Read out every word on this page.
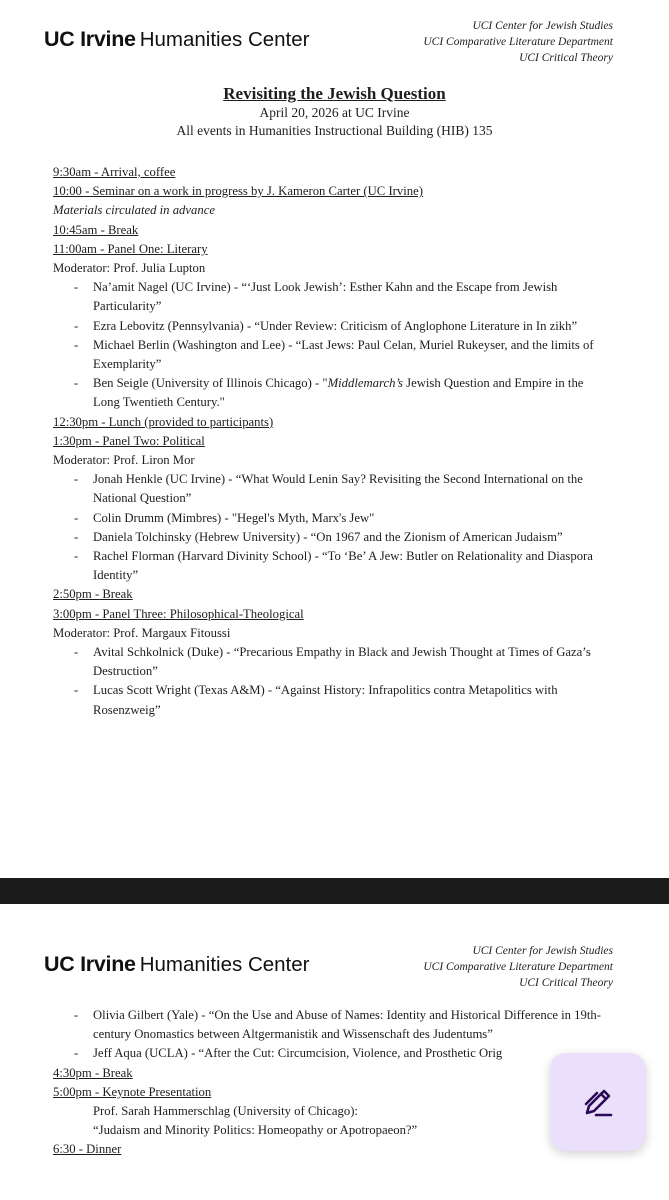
UC Irvine Humanities Center
UCI Center for Jewish Studies
UCI Comparative Literature Department
UCI Critical Theory
Revisiting the Jewish Question
April 20, 2026 at UC Irvine
All events in Humanities Instructional Building (HIB) 135
9:30am - Arrival, coffee
10:00 - Seminar on a work in progress by J. Kameron Carter (UC Irvine)
Materials circulated in advance
10:45am - Break
11:00am - Panel One: Literary
Moderator: Prof. Julia Lupton
- Na’amit Nagel (UC Irvine) - “‘Just Look Jewish’: Esther Kahn and the Escape from Jewish Particularity”
- Ezra Lebovitz (Pennsylvania) - “Under Review: Criticism of Anglophone Literature in In zikh”
- Michael Berlin (Washington and Lee) - “Last Jews: Paul Celan, Muriel Rukeyser, and the limits of Exemplarity”
- Ben Seigle (University of Illinois Chicago) - "Middlemarch’s Jewish Question and Empire in the Long Twentieth Century."
12:30pm - Lunch (provided to participants)
1:30pm - Panel Two: Political
Moderator: Prof. Liron Mor
- Jonah Henkle (UC Irvine) - “What Would Lenin Say? Revisiting the Second International on the National Question”
- Colin Drumm (Mimbres) - "Hegel's Myth, Marx's Jew"
- Daniela Tolchinsky (Hebrew University) - “On 1967 and the Zionism of American Judaism”
- Rachel Florman (Harvard Divinity School) - “To ‘Be’ A Jew: Butler on Relationality and Diaspora Identity”
2:50pm - Break
3:00pm - Panel Three: Philosophical-Theological
Moderator: Prof. Margaux Fitoussi
- Avital Schkolnick (Duke) - “Precarious Empathy in Black and Jewish Thought at Times of Gaza’s Destruction”
- Lucas Scott Wright (Texas A&M) - “Against History: Infrapolitics contra Metapolitics with Rosenzweig”
UC Irvine Humanities Center
UCI Center for Jewish Studies
UCI Comparative Literature Department
UCI Critical Theory
- Olivia Gilbert (Yale) - “On the Use and Abuse of Names: Identity and Historical Difference in 19th-century Onomastics between Altgermanistik and Wissenschaft des Judentums”
- Jeff Aqua (UCLA) - “After the Cut: Circumcision, Violence, and Prosthetic Orig
4:30pm - Break
5:00pm - Keynote Presentation
Prof. Sarah Hammerschlag (University of Chicago):
“Judaism and Minority Politics: Homeopathy or Apotropaeon?”
6:30 - Dinner
